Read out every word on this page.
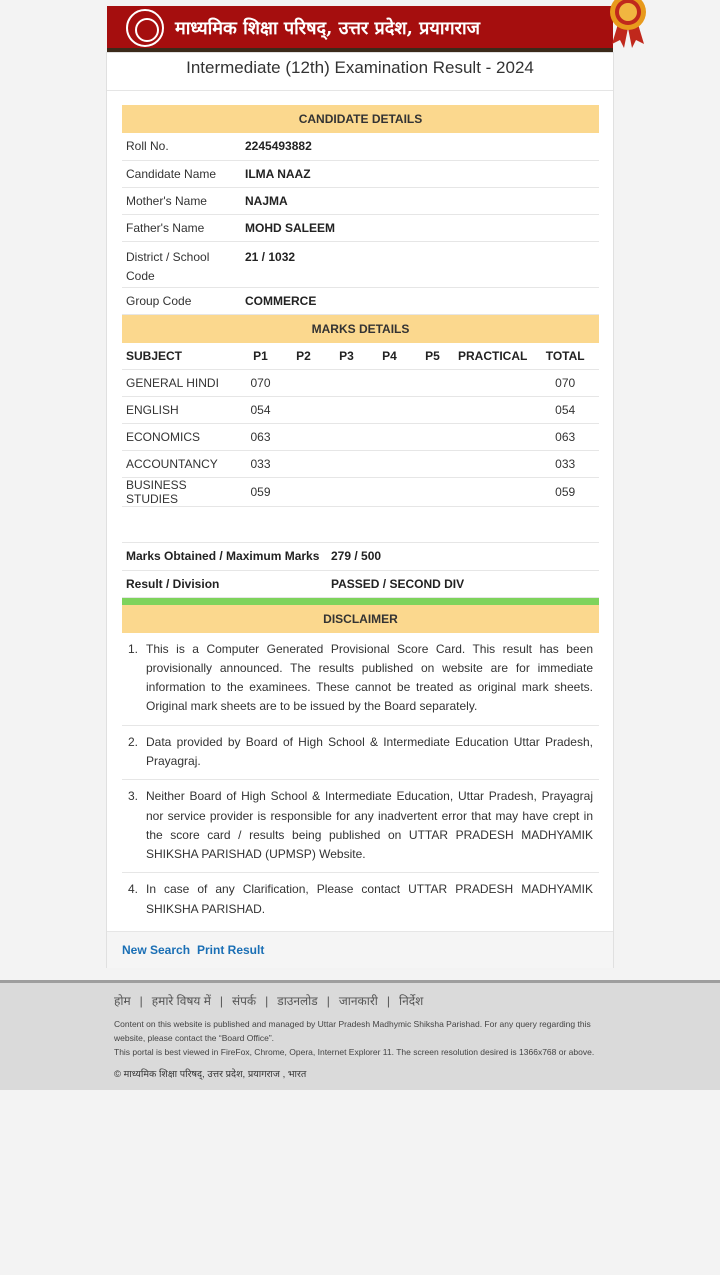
माध्यमिक शिक्षा परिषद्, उत्तर प्रदेश, प्रयागराज
Intermediate (12th) Examination Result - 2024
CANDIDATE DETAILS
Roll No.	2245493882
Candidate Name	ILMA NAAZ
Mother's Name	NAJMA
Father's Name	MOHD SALEEM
District / School Code	21 / 1032
Group Code	COMMERCE
MARKS DETAILS
SUBJECT	P1	P2	P3	P4	P5	PRACTICAL	TOTAL
GENERAL HINDI	070						070
ENGLISH	054						054
ECONOMICS	063						063
ACCOUNTANCY	033						033
BUSINESS STUDIES	059						059
Marks Obtained / Maximum Marks	279 / 500
Result / Division	PASSED / SECOND DIV
DISCLAIMER
1. This is a Computer Generated Provisional Score Card. This result has been provisionally announced. The results published on website are for immediate information to the examinees. These cannot be treated as original mark sheets. Original mark sheets are to be issued by the Board separately.
2. Data provided by Board of High School & Intermediate Education Uttar Pradesh, Prayagraj.
3. Neither Board of High School & Intermediate Education, Uttar Pradesh, Prayagraj nor service provider is responsible for any inadvertent error that may have crept in the score card / results being published on UTTAR PRADESH MADHYAMIK SHIKSHA PARISHAD (UPMSP) Website.
4. In case of any Clarification, Please contact UTTAR PRADESH MADHYAMIK SHIKSHA PARISHAD.
New Search Print Result
होम | हमारे विषय में | संपर्क | डाउनलोड | जानकारी | निर्देश
Content on this website is published and managed by Uttar Pradesh Madhymic Shiksha Parishad. For any query regarding this
website, please contact the “Board Office”.
This portal is best viewed in FireFox, Chrome, Opera, Internet Explorer 11. The screen resolution desired is 1366x768 or above.
© माध्यमिक शिक्षा परिषद्, उत्तर प्रदेश, प्रयागराज , भारत
